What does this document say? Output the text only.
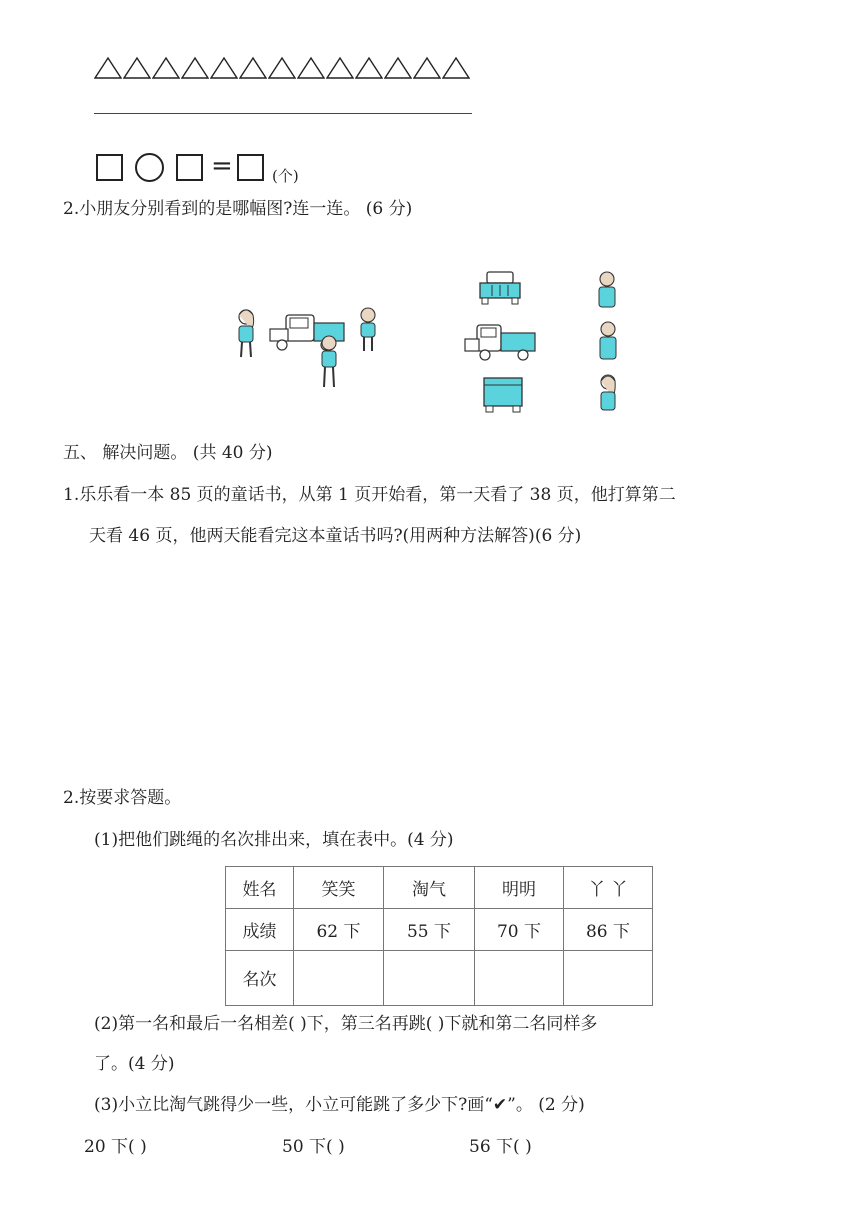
=	(个)
2.小朋友分别看到的是哪幅图?连一连。 (6 分)
五、 解决问题。 (共 40 分)
1.乐乐看一本 85 页的童话书，从第 1 页开始看，第一天看了 38 页，他打算第二
天看 46 页，他两天能看完这本童话书吗?(用两种方法解答)(6 分)
2.按要求答题。
(1)把他们跳绳的名次排出来，填在表中。(4 分)
姓名	笑笑	淘气	明明	丫 丫
成绩	62 下	55 下	70 下	86 下
名次				
(2)第一名和最后一名相差( )下，第三名再跳( )下就和第二名同样多
了。(4 分)
(3)小立比淘气跳得少一些，小立可能跳了多少下?画“✔”。 (2 分)
20 下( )	50 下( )	56 下( )
